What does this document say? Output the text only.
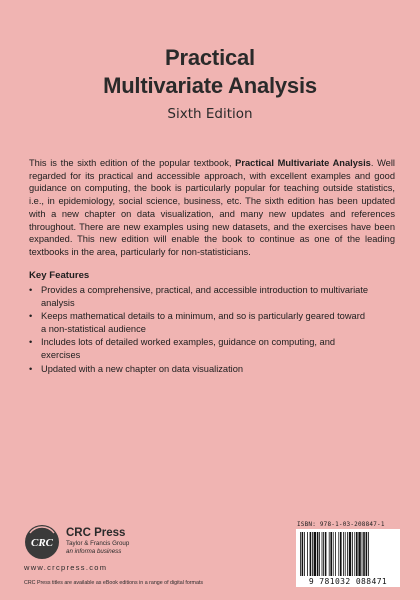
Practical
Multivariate Analysis
Sixth Edition

This is the sixth edition of the popular textbook, Practical Multivariate Analysis. Well regarded for its practical and accessible approach, with excellent examples and good guidance on computing, the book is particularly popular for teaching outside statistics, i.e., in epidemiology, social science, business, etc. The sixth edition has been updated with a new chapter on data visualization, and many new updates and references throughout. There are new examples using new datasets, and the exercises have been expanded. This new edition will enable the book to continue as one of the leading textbooks in the area, particularly for non-statisticians.

Key Features
• Provides a comprehensive, practical, and accessible introduction to multivariate analysis
• Keeps mathematical details to a minimum, and so is particularly geared toward a non-statistical audience
• Includes lots of detailed worked examples, guidance on computing, and exercises
• Updated with a new chapter on data visualization
CRC
CRC Press
Taylor & Francis Group
an informa business
www.crcpress.com
CRC Press titles are available as eBook editions in a range of digital formats
ISBN: 978-1-03-208847-1
9 781032 088471
